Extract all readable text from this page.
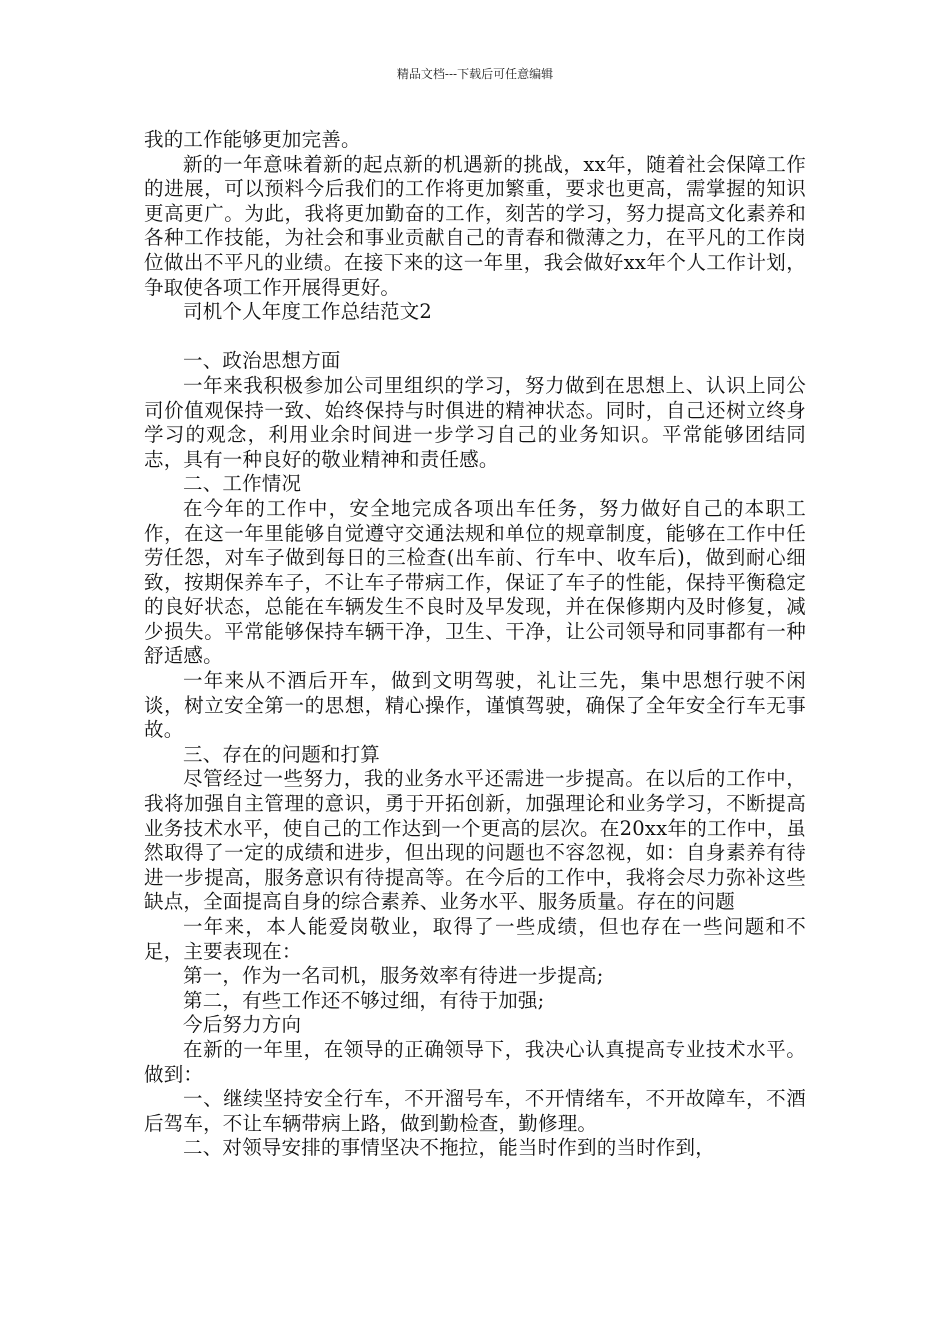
精品文档---下载后可任意编辑

我的工作能够更加完善。

新的一年意味着新的起点新的机遇新的挑战，xx年，随着社会保障工作的进展，可以预料今后我们的工作将更加繁重，要求也更高，需掌握的知识更高更广。为此，我将更加勤奋的工作，刻苦的学习，努力提高文化素养和各种工作技能，为社会和事业贡献自己的青春和微薄之力，在平凡的工作岗位做出不平凡的业绩。在接下来的这一年里，我会做好xx年个人工作计划，争取使各项工作开展得更好。

司机个人年度工作总结范文2

一、政治思想方面

一年来我积极参加公司里组织的学习，努力做到在思想上、认识上同公司价值观保持一致、始终保持与时俱进的精神状态。同时，自己还树立终身学习的观念，利用业余时间进一步学习自己的业务知识。平常能够团结同志，具有一种良好的敬业精神和责任感。

二、工作情况

在今年的工作中，安全地完成各项出车任务，努力做好自己的本职工作，在这一年里能够自觉遵守交通法规和单位的规章制度，能够在工作中任劳任怨，对车子做到每日的三检查(出车前、行车中、收车后)，做到耐心细致，按期保养车子，不让车子带病工作，保证了车子的性能，保持平衡稳定的良好状态，总能在车辆发生不良时及早发现，并在保修期内及时修复，减少损失。平常能够保持车辆干净，卫生、干净，让公司领导和同事都有一种舒适感。

一年来从不酒后开车，做到文明驾驶，礼让三先，集中思想行驶不闲谈，树立安全第一的思想，精心操作，谨慎驾驶，确保了全年安全行车无事故。

三、存在的问题和打算

尽管经过一些努力，我的业务水平还需进一步提高。在以后的工作中，我将加强自主管理的意识，勇于开拓创新，加强理论和业务学习，不断提高业务技术水平，使自己的工作达到一个更高的层次。在20xx年的工作中，虽然取得了一定的成绩和进步，但出现的问题也不容忽视，如：自身素养有待进一步提高，服务意识有待提高等。在今后的工作中，我将会尽力弥补这些缺点，全面提高自身的综合素养、业务水平、服务质量。存在的问题

一年来，本人能爱岗敬业，取得了一些成绩，但也存在一些问题和不足，主要表现在：

第一，作为一名司机，服务效率有待进一步提高;

第二，有些工作还不够过细，有待于加强;

今后努力方向

在新的一年里，在领导的正确领导下，我决心认真提高专业技术水平。做到：

一、继续坚持安全行车，不开溜号车，不开情绪车，不开故障车，不酒后驾车，不让车辆带病上路，做到勤检查，勤修理。

二、对领导安排的事情坚决不拖拉，能当时作到的当时作到，
